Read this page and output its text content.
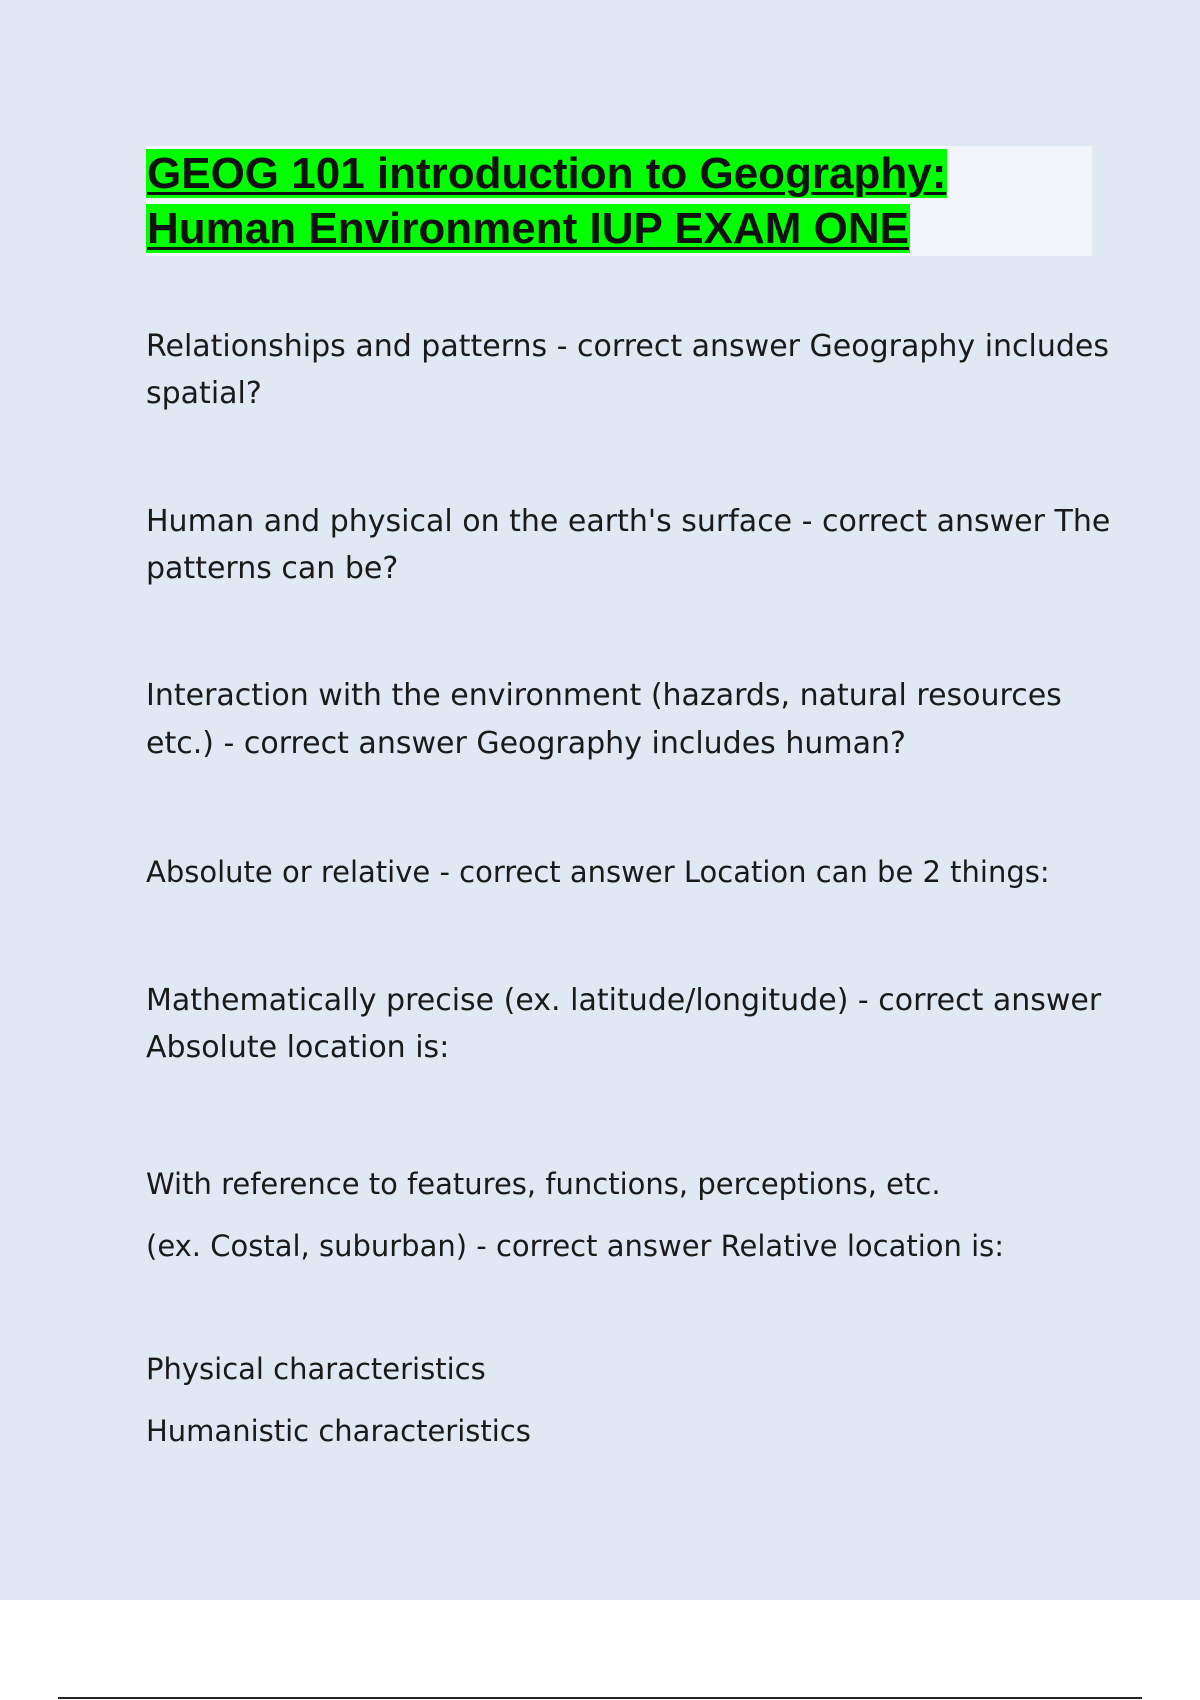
GEOG 101 introduction to Geography:
Human Environment IUP EXAM ONE

Relationships and patterns - correct answer Geography includes
spatial?

Human and physical on the earth's surface - correct answer The
patterns can be?

Interaction with the environment (hazards, natural resources
etc.) - correct answer Geography includes human?

Absolute or relative - correct answer Location can be 2 things:

Mathematically precise (ex. latitude/longitude) - correct answer
Absolute location is:

With reference to features, functions, perceptions, etc.
(ex. Costal, suburban) - correct answer Relative location is:

Physical characteristics
Humanistic characteristics
